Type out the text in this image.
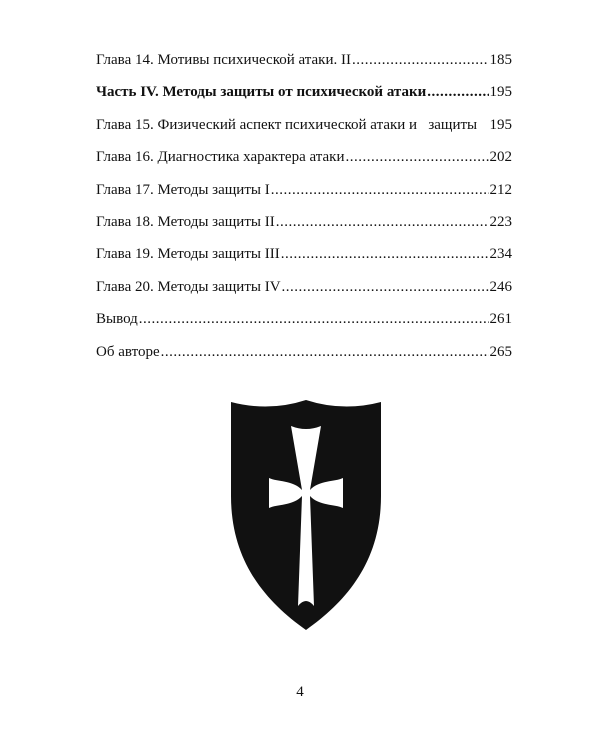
Глава 14. Мотивы психической атаки. II .....	185
Часть IV. Методы защиты от психической атаки .....	195
Глава 15. Физический аспект психической атаки и   защиты 195
Глава 16. Диагностика характера атаки .....	202
Глава 17. Методы защиты I .....	212
Глава 18. Методы защиты II .....	223
Глава 19. Методы защиты III .....	234
Глава 20. Методы защиты IV .....	246
Вывод .....	261
Об авторе .....	265
4
